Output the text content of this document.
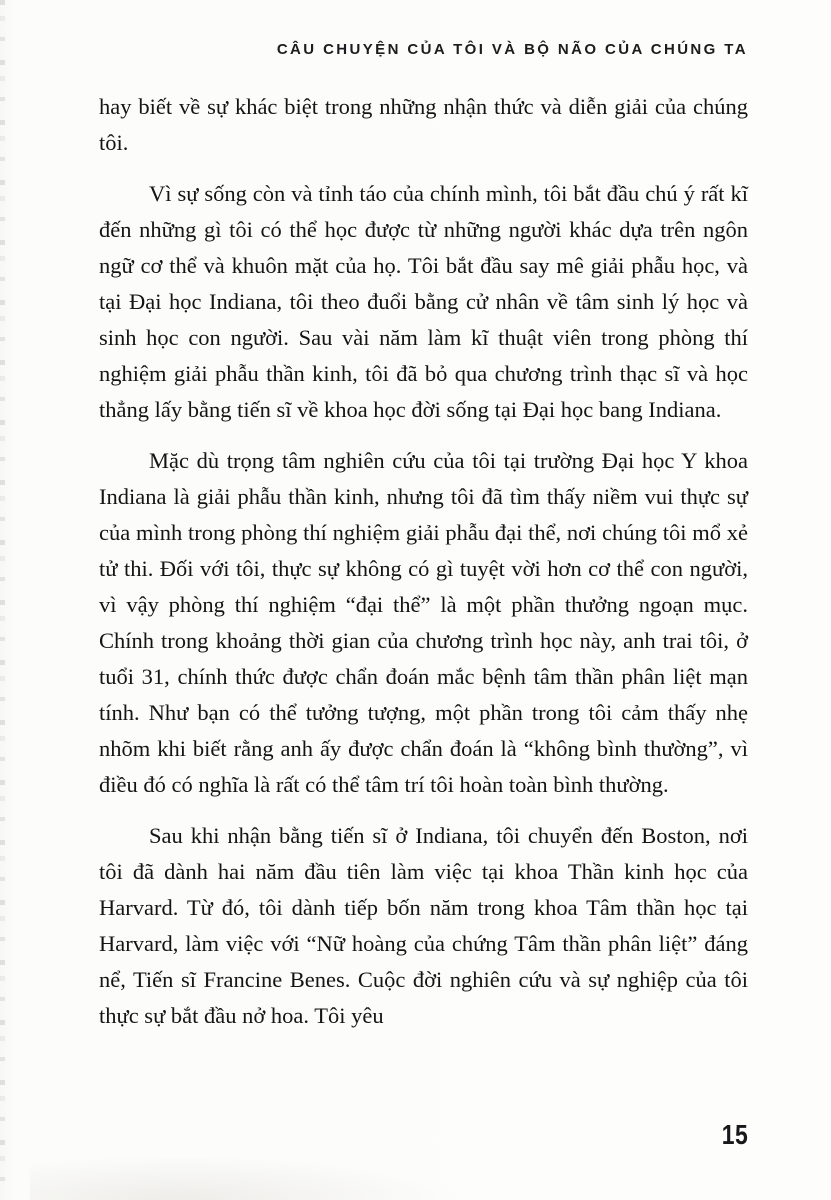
CÂU CHUYỆN CỦA TÔI VÀ BỘ NÃO CỦA CHÚNG TA

hay biết về sự khác biệt trong những nhận thức và diễn giải của chúng tôi.

Vì sự sống còn và tỉnh táo của chính mình, tôi bắt đầu chú ý rất kĩ đến những gì tôi có thể học được từ những người khác dựa trên ngôn ngữ cơ thể và khuôn mặt của họ. Tôi bắt đầu say mê giải phẫu học, và tại Đại học Indiana, tôi theo đuổi bằng cử nhân về tâm sinh lý học và sinh học con người. Sau vài năm làm kĩ thuật viên trong phòng thí nghiệm giải phẫu thần kinh, tôi đã bỏ qua chương trình thạc sĩ và học thẳng lấy bằng tiến sĩ về khoa học đời sống tại Đại học bang Indiana.

Mặc dù trọng tâm nghiên cứu của tôi tại trường Đại học Y khoa Indiana là giải phẫu thần kinh, nhưng tôi đã tìm thấy niềm vui thực sự của mình trong phòng thí nghiệm giải phẫu đại thể, nơi chúng tôi mổ xẻ tử thi. Đối với tôi, thực sự không có gì tuyệt vời hơn cơ thể con người, vì vậy phòng thí nghiệm “đại thể” là một phần thưởng ngoạn mục. Chính trong khoảng thời gian của chương trình học này, anh trai tôi, ở tuổi 31, chính thức được chẩn đoán mắc bệnh tâm thần phân liệt mạn tính. Như bạn có thể tưởng tượng, một phần trong tôi cảm thấy nhẹ nhõm khi biết rằng anh ấy được chẩn đoán là “không bình thường”, vì điều đó có nghĩa là rất có thể tâm trí tôi hoàn toàn bình thường.

Sau khi nhận bằng tiến sĩ ở Indiana, tôi chuyển đến Boston, nơi tôi đã dành hai năm đầu tiên làm việc tại khoa Thần kinh học của Harvard. Từ đó, tôi dành tiếp bốn năm trong khoa Tâm thần học tại Harvard, làm việc với “Nữ hoàng của chứng Tâm thần phân liệt” đáng nể, Tiến sĩ Francine Benes. Cuộc đời nghiên cứu và sự nghiệp của tôi thực sự bắt đầu nở hoa. Tôi yêu

15
